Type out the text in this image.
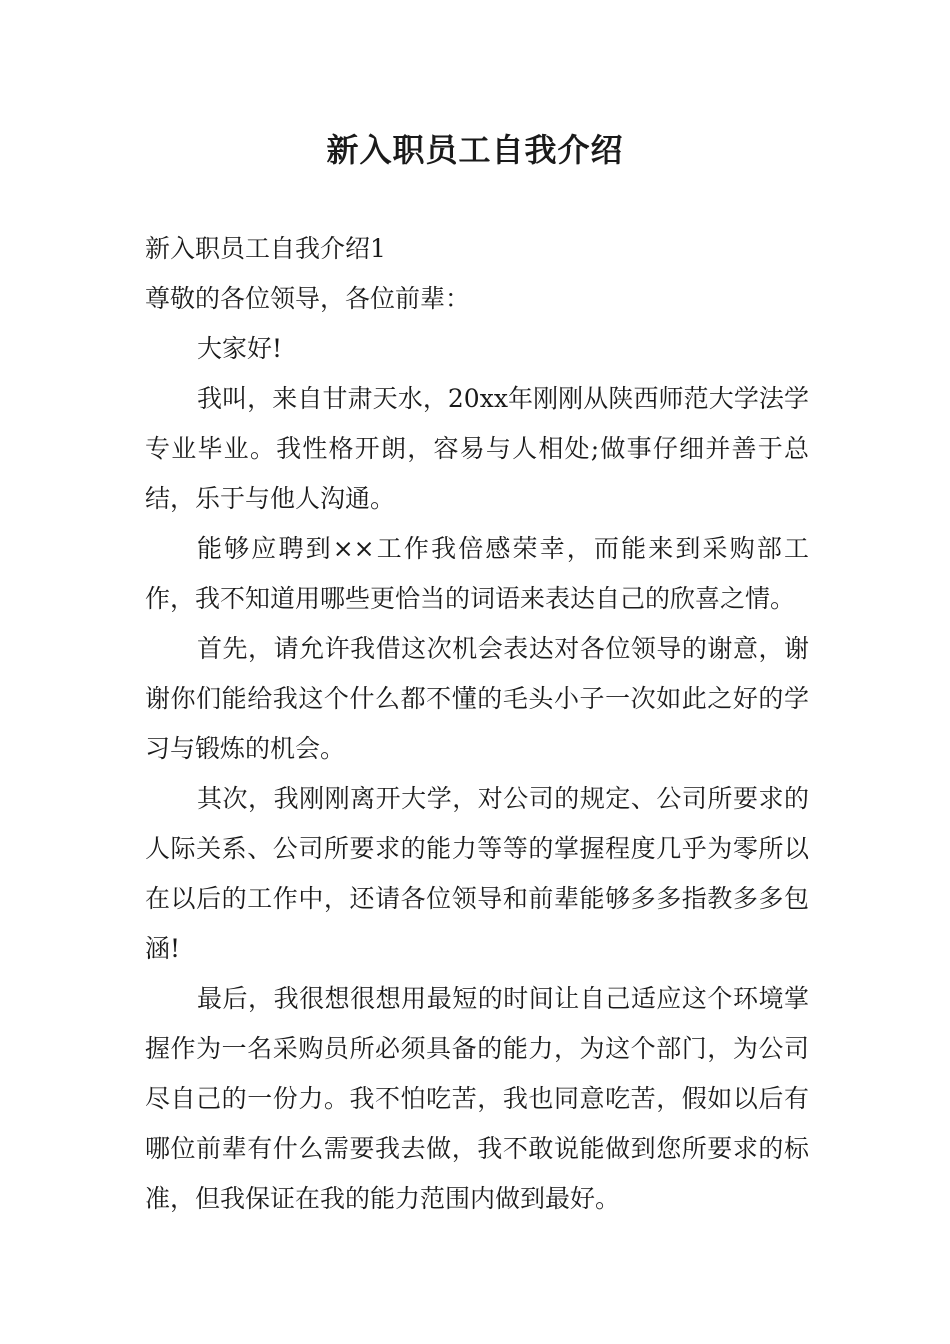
新入职员工自我介绍

新入职员工自我介绍1

尊敬的各位领导，各位前辈：

大家好!

我叫，来自甘肃天水，20xx年刚刚从陕西师范大学法学专业毕业。我性格开朗，容易与人相处;做事仔细并善于总结，乐于与他人沟通。

能够应聘到××工作我倍感荣幸，而能来到采购部工作，我不知道用哪些更恰当的词语来表达自己的欣喜之情。

首先，请允许我借这次机会表达对各位领导的谢意，谢谢你们能给我这个什么都不懂的毛头小子一次如此之好的学习与锻炼的机会。

其次，我刚刚离开大学，对公司的规定、公司所要求的人际关系、公司所要求的能力等等的掌握程度几乎为零所以在以后的工作中，还请各位领导和前辈能够多多指教多多包涵!

最后，我很想很想用最短的时间让自己适应这个环境掌握作为一名采购员所必须具备的能力，为这个部门，为公司尽自己的一份力。我不怕吃苦，我也同意吃苦，假如以后有哪位前辈有什么需要我去做，我不敢说能做到您所要求的标准，但我保证在我的能力范围内做到最好。
